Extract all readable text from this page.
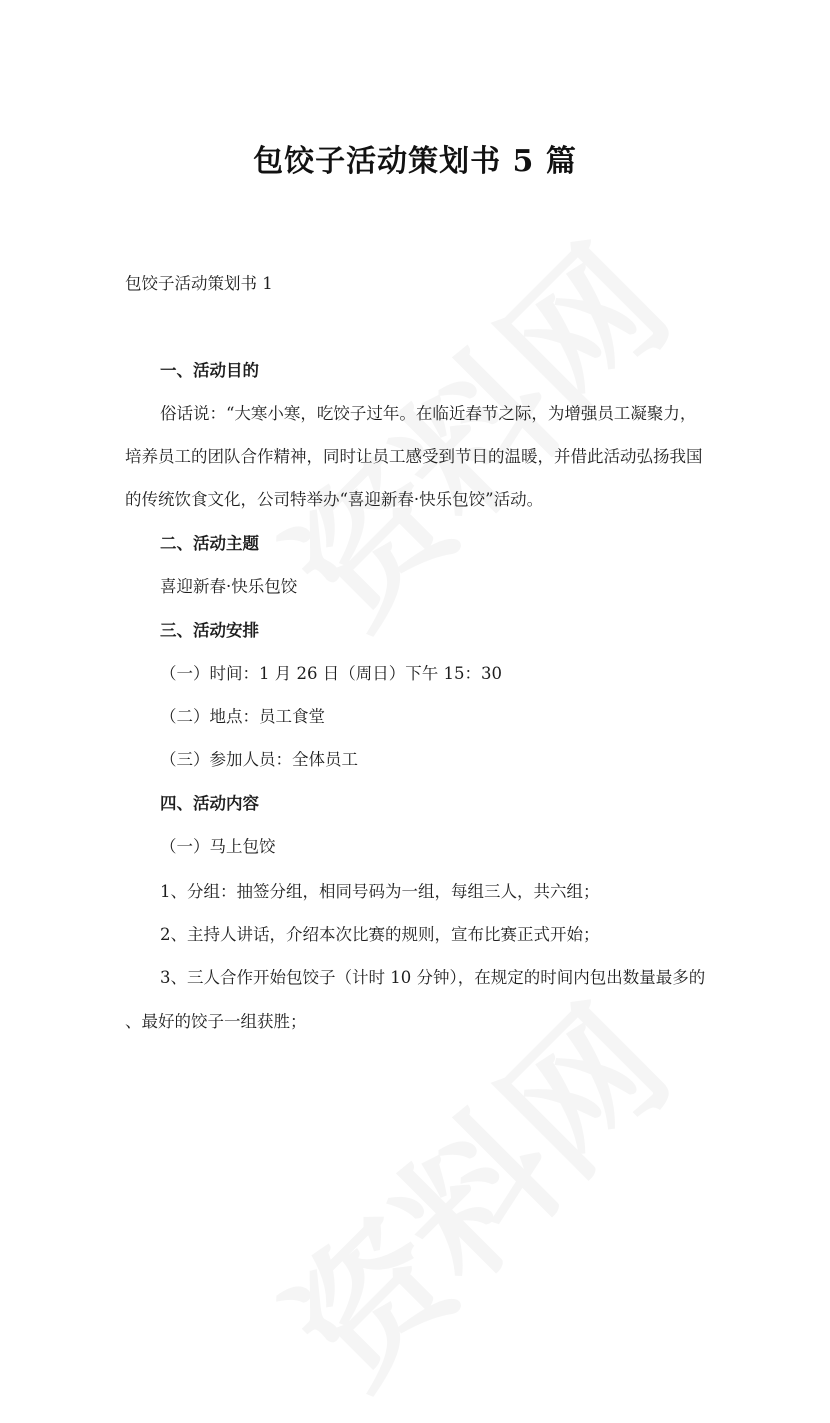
包饺子活动策划书 5 篇
包饺子活动策划书 1
一、活动目的
俗话说：“大寒小寒，吃饺子过年。在临近春节之际，为增强员工凝聚力，
培养员工的团队合作精神，同时让员工感受到节日的温暖，并借此活动弘扬我国
的传统饮食文化，公司特举办“喜迎新春·快乐包饺”活动。
二、活动主题
喜迎新春·快乐包饺
三、活动安排
（一）时间：1 月 26 日（周日）下午 15：30
（二）地点：员工食堂
（三）参加人员：全体员工
四、活动内容
（一）马上包饺
1、分组：抽签分组，相同号码为一组，每组三人，共六组；
2、主持人讲话，介绍本次比赛的规则，宣布比赛正式开始；
3、三人合作开始包饺子（计时 10 分钟），在规定的时间内包出数量最多的
、最好的饺子一组获胜；
